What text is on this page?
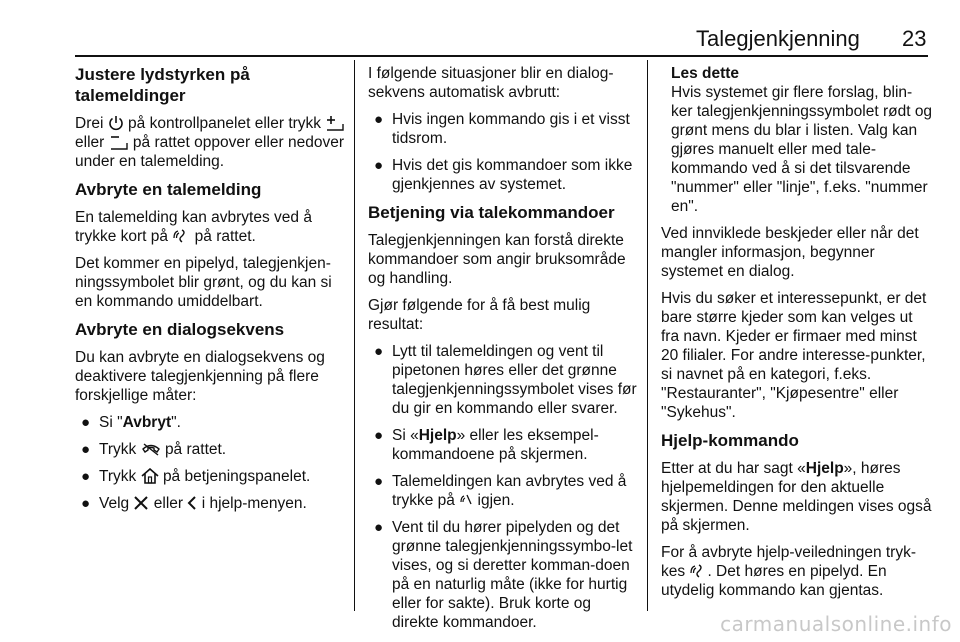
Talegjenkjenning 23
Justere lydstyrken på talemeldinger

Drei på kontrollpanelet eller trykk  eller på rattet oppover eller nedover under en talemelding.

Avbryte en talemelding

En talemelding kan avbrytes ved å trykke kort på på rattet.

Det kommer en pipelyd, talegjenkjen-ningssymbolet blir grønt, og du kan si en kommando umiddelbart.

Avbryte en dialogsekvens

Du kan avbryte en dialogsekvens og deaktivere talegjenkjenning på flere forskjellige måter:

● Si "Avbryt".
● Trykk på rattet.
● Trykk på betjeningspanelet.
● Velg eller i hjelp-menyen.

I følgende situasjoner blir en dialog-sekvens automatisk avbrutt:

● Hvis ingen kommando gis i et visst tidsrom.
● Hvis det gis kommandoer som ikke gjenkjennes av systemet.
Betjening via talekommandoer

Talegjenkjenningen kan forstå direkte kommandoer som angir bruksområde og handling.

Gjør følgende for å få best mulig resultat:

● Lytt til talemeldingen og vent til pipetonen høres eller det grønne talegjenkjenningssymbolet vises før du gir en kommando eller svarer.
● Si «Hjelp» eller les eksempel-kommandoene på skjermen.
● Talemeldingen kan avbrytes ved å trykke på igjen.
● Vent til du hører pipelyden og det grønne talegjenkjenningssymbo-let vises, og si deretter komman-doen på en naturlig måte (ikke for hurtig eller for sakte). Bruk korte og direkte kommandoer.
Les dette
Hvis systemet gir flere forslag, blin-ker talegjenkjenningssymbolet rødt og grønt mens du blar i listen. Valg kan gjøres manuelt eller med tale-kommando ved å si det tilsvarende "nummer" eller "linje", f.eks. "nummer en".

Ved innviklede beskjeder eller når det mangler informasjon, begynner systemet en dialog.

Hvis du søker et interessepunkt, er det bare større kjeder som kan velges ut fra navn. Kjeder er firmaer med minst 20 filialer. For andre interesse-punkter, si navnet på en kategori, f.eks. "Restauranter", "Kjøpesentre" eller "Sykehus".

Hjelp-kommando

Etter at du har sagt «Hjelp», høres hjelpemeldingen for den aktuelle skjermen. Denne meldingen vises også på skjermen.

For å avbryte hjelp-veiledningen tryk-kes . Det høres en pipelyd. En utydelig kommando kan gjentas.

carmanualsonline.info
